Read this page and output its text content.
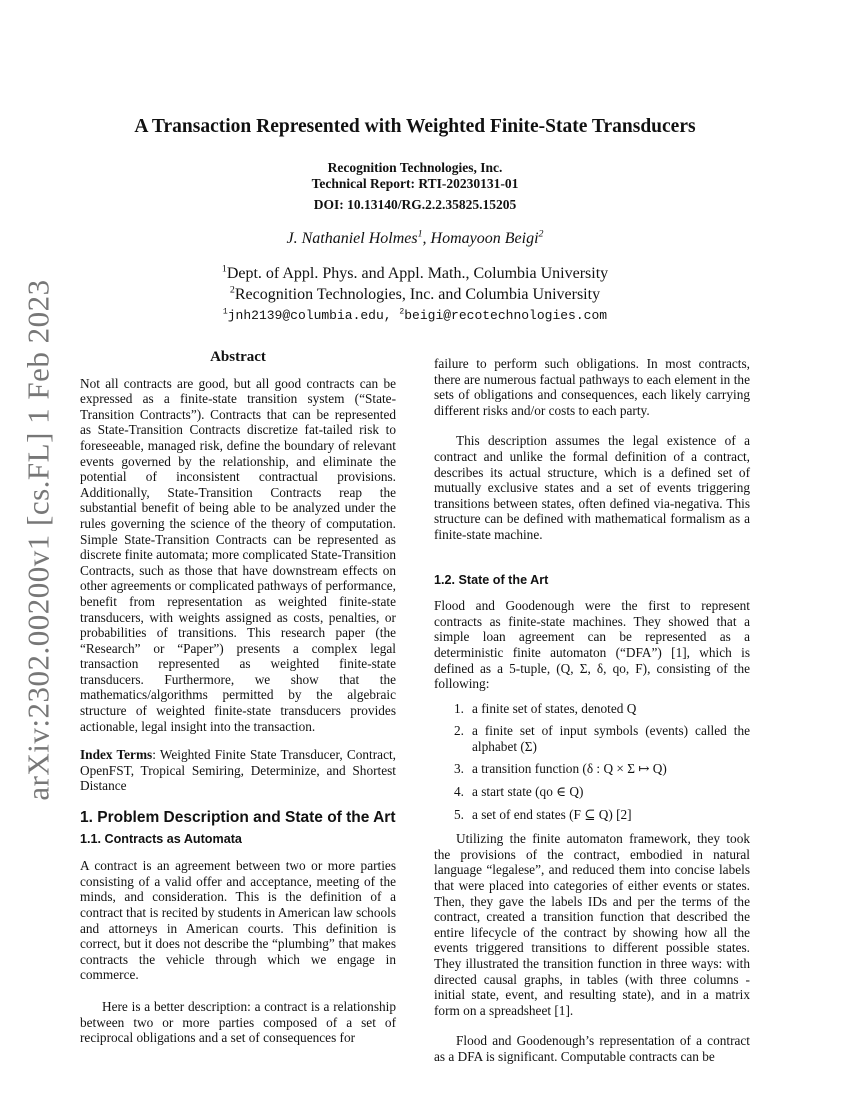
arXiv:2302.00200v1 [cs.FL] 1 Feb 2023
A Transaction Represented with Weighted Finite-State Transducers
Recognition Technologies, Inc.
Technical Report: RTI-20230131-01
DOI: 10.13140/RG.2.2.35825.15205
J. Nathaniel Holmes$^1$, Homayoon Beigi$^2$
$^1$Dept. of Appl. Phys. and Appl. Math., Columbia University
$^2$Recognition Technologies, Inc. and Columbia University
$^1$jnh2139@columbia.edu, $^2$beigi@recotechnologies.com
Abstract

Not all contracts are good, but all good contracts can be expressed as a finite-state transition system (“State-Transition Contracts”). Contracts that can be represented as State-Transition Contracts discretize fat-tailed risk to foreseeable, managed risk, define the boundary of relevant events governed by the relationship, and eliminate the potential of inconsistent contractual provisions. Additionally, State-Transition Contracts reap the substantial benefit of being able to be analyzed under the rules governing the science of the theory of computation. Simple State-Transition Contracts can be represented as discrete finite automata; more complicated State-Transition Contracts, such as those that have downstream effects on other agreements or complicated pathways of performance, benefit from representation as weighted finite-state transducers, with weights assigned as costs, penalties, or probabilities of transitions. This research paper (the “Research” or “Paper”) presents a complex legal transaction represented as weighted finite-state transducers. Furthermore, we show that the mathematics/algorithms permitted by the algebraic structure of weighted finite-state transducers provides actionable, legal insight into the transaction.

Index Terms: Weighted Finite State Transducer, Contract, OpenFST, Tropical Semiring, Determinize, and Shortest Distance

1. Problem Description and State of the Art
1.1. Contracts as Automata

A contract is an agreement between two or more parties consisting of a valid offer and acceptance, meeting of the minds, and consideration. This is the definition of a contract that is recited by students in American law schools and attorneys in American courts. This definition is correct, but it does not describe the “plumbing” that makes contracts the vehicle through which we engage in commerce.

Here is a better description: a contract is a relationship between two or more parties composed of a set of reciprocal obligations and a set of consequences for

failure to perform such obligations. In most contracts, there are numerous factual pathways to each element in the sets of obligations and consequences, each likely carrying different risks and/or costs to each party.

This description assumes the legal existence of a contract and unlike the formal definition of a contract, describes its actual structure, which is a defined set of mutually exclusive states and a set of events triggering transitions between states, often defined via-negativa. This structure can be defined with mathematical formalism as a finite-state machine.

1.2. State of the Art

Flood and Goodenough were the first to represent contracts as finite-state machines. They showed that a simple loan agreement can be represented as a deterministic finite automaton (“DFA”) [1], which is defined as a 5-tuple, (Q, Σ, δ, qo, F), consisting of the following:

1. a finite set of states, denoted Q
2. a finite set of input symbols (events) called the alphabet (Σ)
3. a transition function (δ : Q × Σ ↦ Q)
4. a start state (qo ∈ Q)
5. a set of end states (F ⊆ Q) [2]

Utilizing the finite automaton framework, they took the provisions of the contract, embodied in natural language “legalese”, and reduced them into concise labels that were placed into categories of either events or states. Then, they gave the labels IDs and per the terms of the contract, created a transition function that described the entire lifecycle of the contract by showing how all the events triggered transitions to different possible states. They illustrated the transition function in three ways: with directed causal graphs, in tables (with three columns - initial state, event, and resulting state), and in a matrix form on a spreadsheet [1].

Flood and Goodenough’s representation of a contract as a DFA is significant. Computable contracts can be
